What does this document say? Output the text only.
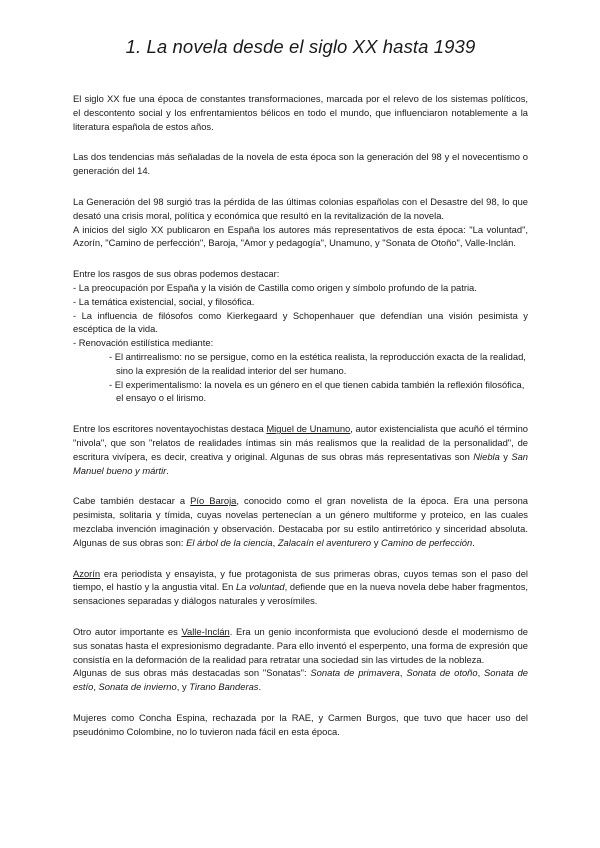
1. La novela desde el siglo XX hasta 1939

El siglo XX fue una época de constantes transformaciones, marcada por el relevo de los sistemas políticos, el descontento social y los enfrentamientos bélicos en todo el mundo, que influenciaron notablemente a la literatura española de estos años.

Las dos tendencias más señaladas de la novela de esta época son la generación del 98 y el novecentismo o generación del 14.

La Generación del 98 surgió tras la pérdida de las últimas colonias españolas con el Desastre del 98, lo que desató una crisis moral, política y económica que resultó en la revitalización de la novela.

A inicios del siglo XX publicaron en España los autores más representativos de esta época: "La voluntad", Azorín, "Camino de perfección", Baroja, "Amor y pedagogía", Unamuno, y "Sonata de Otoño", Valle-Inclán.

Entre los rasgos de sus obras podemos destacar:

- La preocupación por España y la visión de Castilla como origen y símbolo profundo de la patria.
- La temática existencial, social, y filosófica.
- La influencia de filósofos como Kierkegaard y Schopenhauer que defendían una visión pesimista y escéptica de la vida.
- Renovación estilística mediante:
- El antirrealismo: no se persigue, como en la estética realista, la reproducción exacta de la realidad, sino la expresión de la realidad interior del ser humano.
- El experimentalismo: la novela es un género en el que tienen cabida también la reflexión filosófica, el ensayo o el lirismo.

Entre los escritores noventayochistas destaca Miguel de Unamuno, autor existencialista que acuñó el término "nivola", que son "relatos de realidades íntimas sin más realismos que la realidad de la personalidad", de escritura vivípera, es decir, creativa y original. Algunas de sus obras más representativas son Niebla y San Manuel bueno y mártir.

Cabe también destacar a Pío Baroja, conocido como el gran novelista de la época. Era una persona pesimista, solitaria y tímida, cuyas novelas pertenecían a un género multiforme y proteico, en las cuales mezclaba invención imaginación y observación. Destacaba por su estilo antirretórico y sinceridad absoluta. Algunas de sus obras son: El árbol de la ciencia, Zalacaín el aventurero y Camino de perfección.

Azorín era periodista y ensayista, y fue protagonista de sus primeras obras, cuyos temas son el paso del tiempo, el hastío y la angustia vital. En La voluntad, defiende que en la nueva novela debe haber fragmentos, sensaciones separadas y diálogos naturales y verosímiles.

Otro autor importante es Valle-Inclán. Era un genio inconformista que evolucionó desde el modernismo de sus sonatas hasta el expresionismo degradante. Para ello inventó el esperpento, una forma de expresión que consistía en la deformación de la realidad para retratar una sociedad sin las virtudes de la nobleza.

Algunas de sus obras más destacadas son "Sonatas": Sonata de primavera, Sonata de otoño, Sonata de estío, Sonata de invierno, y Tirano Banderas.

Mujeres como Concha Espina, rechazada por la RAE, y Carmen Burgos, que tuvo que hacer uso del pseudónimo Colombine, no lo tuvieron nada fácil en esta época.
